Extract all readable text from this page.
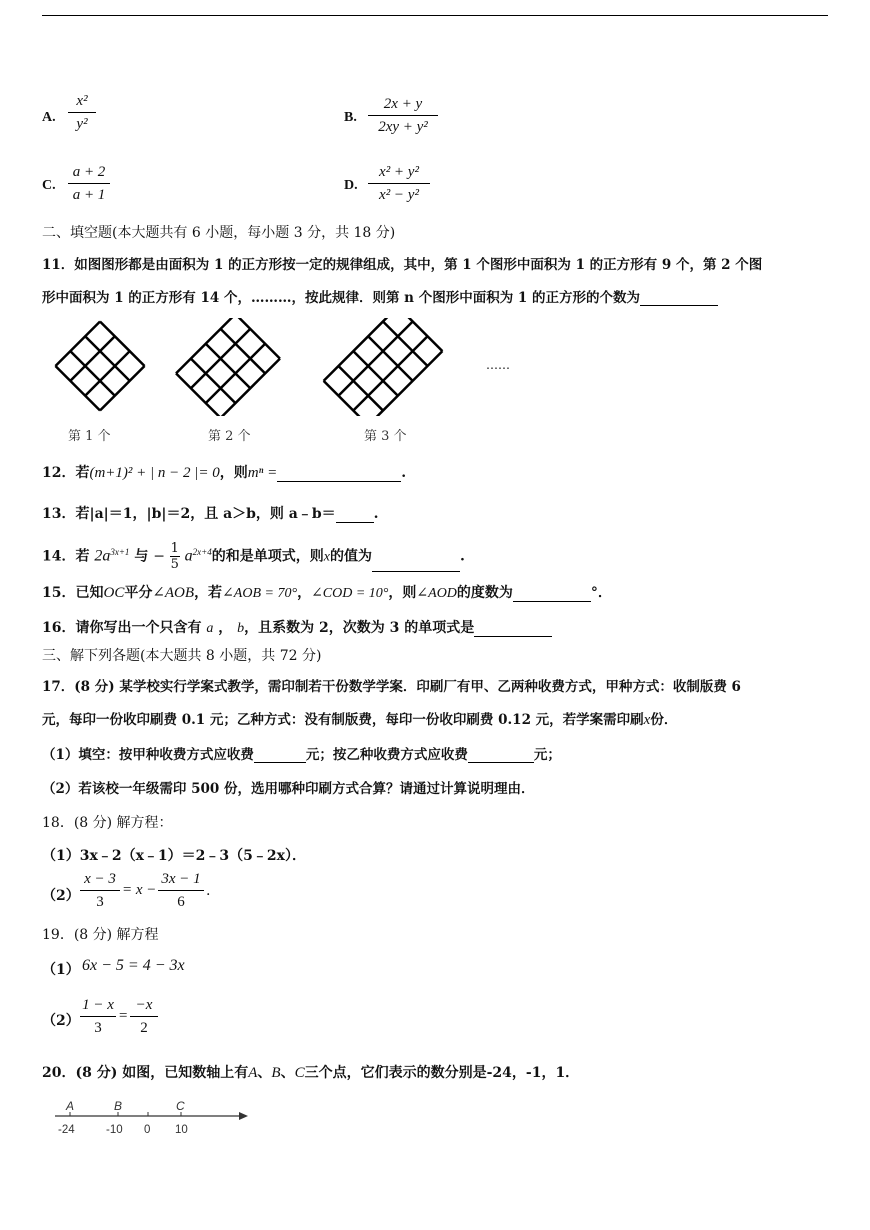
A.
x²
y²	B.
2x + y
2xy + y²
C.
a + 2
a + 1
D.
x² + y²
x² − y²
二、填空题(本大题共有 6 小题，每小题 3 分，共 18 分)
11．如图图形都是由面积为 1 的正方形按一定的规律组成，其中，第 1 个图形中面积为 1 的正方形有 9 个，第 2 个图
形中面积为 1 的正方形有 14 个，………，按此规律．则第 n 个图形中面积为 1 的正方形的个数为
第 1 个	第 2 个	第 3 个
……
12．若(m+1)² + | n − 2 |= 0，则mⁿ =	.
13．若|a|＝1，|b|＝2，且 a＞b，则 a﹣b＝	.
14．若 $2a^{3x+1}$ 与 − $\frac{1}{5} a^{2x+4}$的和是单项式，则x的值为	.
15．已知OC平分∠AOB，若∠AOB = 70°，∠COD = 10°，则∠AOD的度数为	°．
16．请你写出一个只含有 a ， b，且系数为 2，次数为 3 的单项式是
三、解下列各题(本大题共 8 小题，共 72 分)
17．(8 分) 某学校实行学案式教学，需印制若干份数学学案．印刷厂有甲、乙两种收费方式，甲种方式：收制版费 6
元，每印一份收印刷费 0.1 元；乙种方式：没有制版费，每印一份收印刷费 0.12 元，若学案需印刷x份．
（1）填空：按甲种收费方式应收费	元；按乙种收费方式应收费	元；
（2）若该校一年级需印 500 份，选用哪种印刷方式合算？请通过计算说明理由．
18．(8 分) 解方程：
（1）3x﹣2（x﹣1）＝2﹣3（5﹣2x）．
（2）
x − 3
3
= x −
3x − 1
6
.
19．(8 分) 解方程
（1） 6x − 5 = 4 − 3x
（2）
1 − x
3
=
−x
2
20．(8 分) 如图，已知数轴上有A、B、C三个点，它们表示的数分别是-24，-1，1．
A	B	C
-24	-10 0 10
